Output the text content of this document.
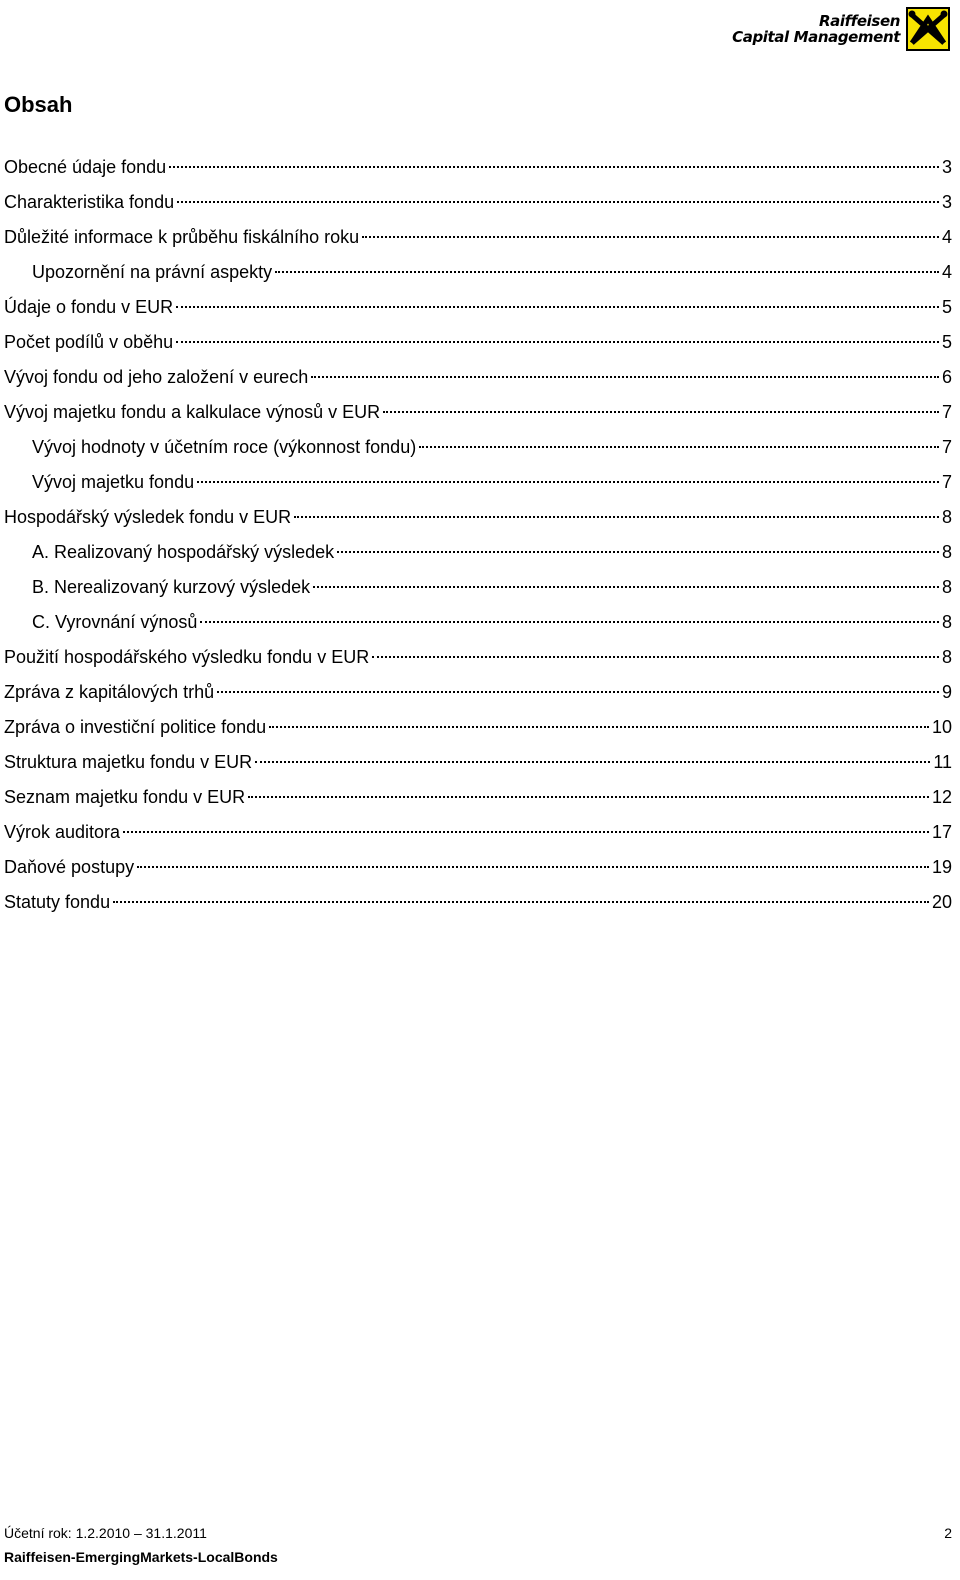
Raiffeisen
Capital Management
Obsah
Obecné údaje fondu	3
Charakteristika fondu	3
Důležité informace k průběhu fiskálního roku	4
Upozornění na právní aspekty	4
Údaje o fondu v EUR	5
Počet podílů v oběhu	5
Vývoj fondu od jeho založení v eurech	6
Vývoj majetku fondu a kalkulace výnosů v EUR	7
Vývoj hodnoty v účetním roce (výkonnost fondu)	7
Vývoj majetku fondu	7
Hospodářský výsledek fondu v EUR	8
A. Realizovaný hospodářský výsledek	8
B. Nerealizovaný kurzový výsledek	8
C. Vyrovnání výnosů	8
Použití hospodářského výsledku fondu v EUR	8
Zpráva z kapitálových trhů	9
Zpráva o investiční politice fondu	10
Struktura majetku fondu v EUR	11
Seznam majetku fondu v EUR	12
Výrok auditora	17
Daňové postupy	19
Statuty fondu	20
Účetní rok: 1.2.2010 – 31.1.2011	2
Raiffeisen-EmergingMarkets-LocalBonds
